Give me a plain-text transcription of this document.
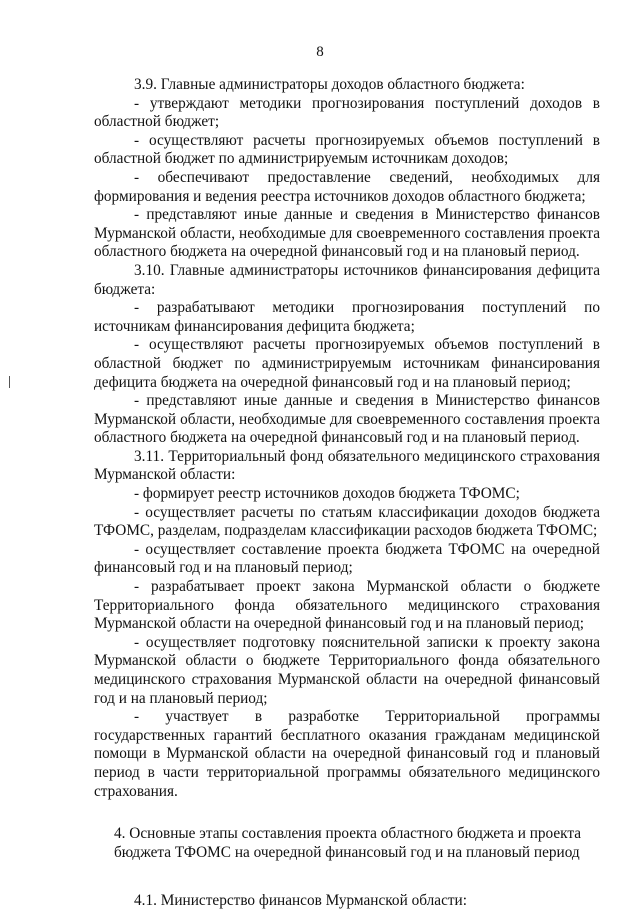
8

3.9. Главные администраторы доходов областного бюджета:

- утверждают методики прогнозирования поступлений доходов в областной бюджет;

- осуществляют расчеты прогнозируемых объемов поступлений в областной бюджет по администрируемым источникам доходов;

- обеспечивают предоставление сведений, необходимых для формирования и ведения реестра источников доходов областного бюджета;

- представляют иные данные и сведения в Министерство финансов Мурманской области, необходимые для своевременного составления проекта областного бюджета на очередной финансовый год и на плановый период.

3.10. Главные администраторы источников финансирования дефицита бюджета:

- разрабатывают методики прогнозирования поступлений по источникам финансирования дефицита бюджета;

- осуществляют расчеты прогнозируемых объемов поступлений в областной бюджет по администрируемым источникам финансирования дефицита бюджета на очередной финансовый год и на плановый период;

- представляют иные данные и сведения в Министерство финансов Мурманской области, необходимые для своевременного составления проекта областного бюджета на очередной финансовый год и на плановый период.

3.11. Территориальный фонд обязательного медицинского страхования Мурманской области:

- формирует реестр источников доходов бюджета ТФОМС;

- осуществляет расчеты по статьям классификации доходов бюджета ТФОМС, разделам, подразделам классификации расходов бюджета ТФОМС;

- осуществляет составление проекта бюджета ТФОМС на очередной финансовый год и на плановый период;

- разрабатывает проект закона Мурманской области о бюджете Территориального фонда обязательного медицинского страхования Мурманской области на очередной финансовый год и на плановый период;

- осуществляет подготовку пояснительной записки к проекту закона Мурманской области о бюджете Территориального фонда обязательного медицинского страхования Мурманской области на очередной финансовый год и на плановый период;

- участвует в разработке Территориальной программы государственных гарантий бесплатного оказания гражданам медицинской помощи в Мурманской области на очередной финансовый год и плановый период в части территориальной программы обязательного медицинского страхования.

4. Основные этапы составления проекта областного бюджета и проекта бюджета ТФОМС на очередной финансовый год и на плановый период

4.1. Министерство финансов Мурманской области:
